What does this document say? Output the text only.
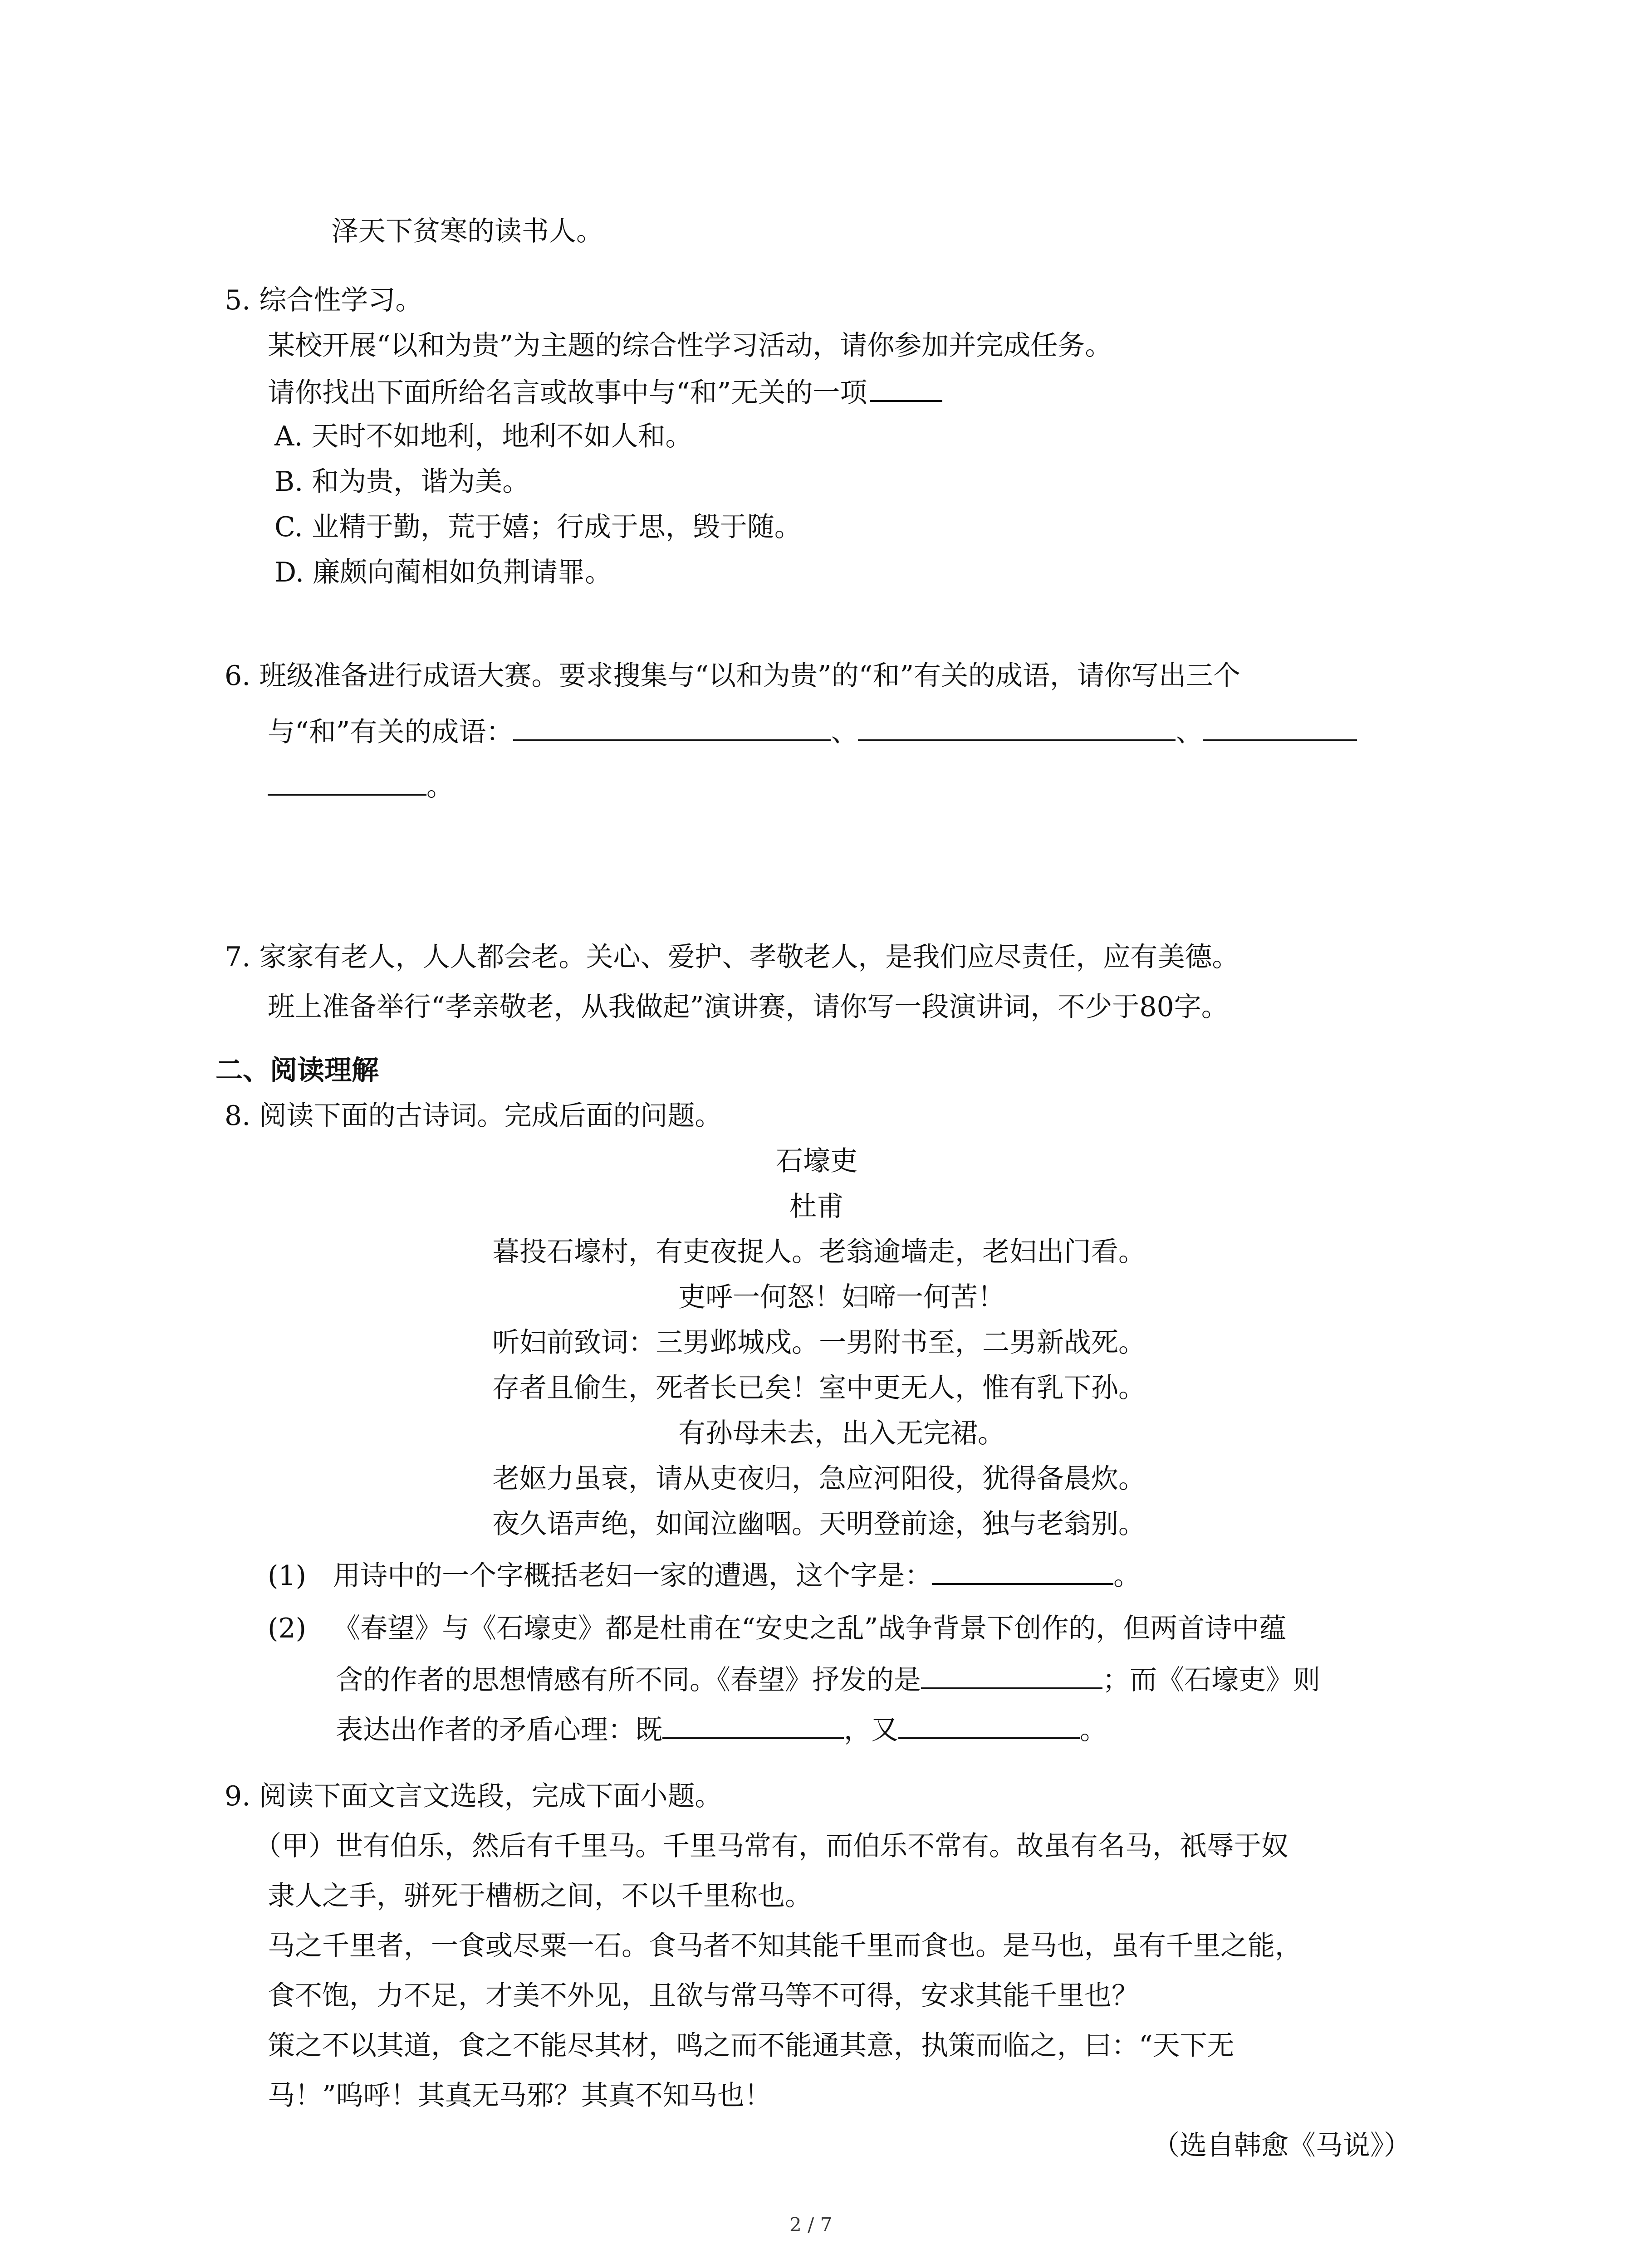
泽天下贫寒的读书人。
5. 综合性学习。
某校开展“以和为贵”为主题的综合性学习活动，请你参加并完成任务。
请你找出下面所给名言或故事中与“和”无关的一项
A. 天时不如地利，地利不如人和。
B. 和为贵，谐为美。
C. 业精于勤，荒于嬉；行成于思，毁于随。
D. 廉颇向蔺相如负荆请罪。
6. 班级准备进行成语大赛。要求搜集与“以和为贵”的“和”有关的成语，请你写出三个
与“和”有关的成语：	、	、
。
7. 家家有老人，人人都会老。关心、爱护、孝敬老人，是我们应尽责任，应有美德。
班上准备举行“孝亲敬老，从我做起”演讲赛，请你写一段演讲词，不少于80字。
二、阅读理解
8. 阅读下面的古诗词。完成后面的问题。
石壕吏
杜甫
暮投石壕村，有吏夜捉人。老翁逾墙走，老妇出门看。
吏呼一何怒！妇啼一何苦！
听妇前致词：三男邺城戍。一男附书至，二男新战死。
存者且偷生，死者长已矣！室中更无人，惟有乳下孙。
有孙母未去，出入无完裙。
老妪力虽衰，请从吏夜归，急应河阳役，犹得备晨炊。
夜久语声绝，如闻泣幽咽。天明登前途，独与老翁别。
(1) 用诗中的一个字概括老妇一家的遭遇，这个字是：	。
(2) 《春望》与《石壕吏》都是杜甫在“安史之乱”战争背景下创作的，但两首诗中蕴
含的作者的思想情感有所不同。《春望》抒发的是	；而《石壕吏》则
表达出作者的矛盾心理：既	，又	。
9. 阅读下面文言文选段，完成下面小题。
（甲）世有伯乐，然后有千里马。千里马常有，而伯乐不常有。故虽有名马，祇辱于奴
隶人之手，骈死于槽枥之间，不以千里称也。
马之千里者，一食或尽粟一石。食马者不知其能千里而食也。是马也，虽有千里之能，
食不饱，力不足，才美不外见，且欲与常马等不可得，安求其能千里也？
策之不以其道，食之不能尽其材，鸣之而不能通其意，执策而临之，曰：“天下无
马！”呜呼！其真无马邪？其真不知马也！
（选自韩愈《马说》）
2 / 7
